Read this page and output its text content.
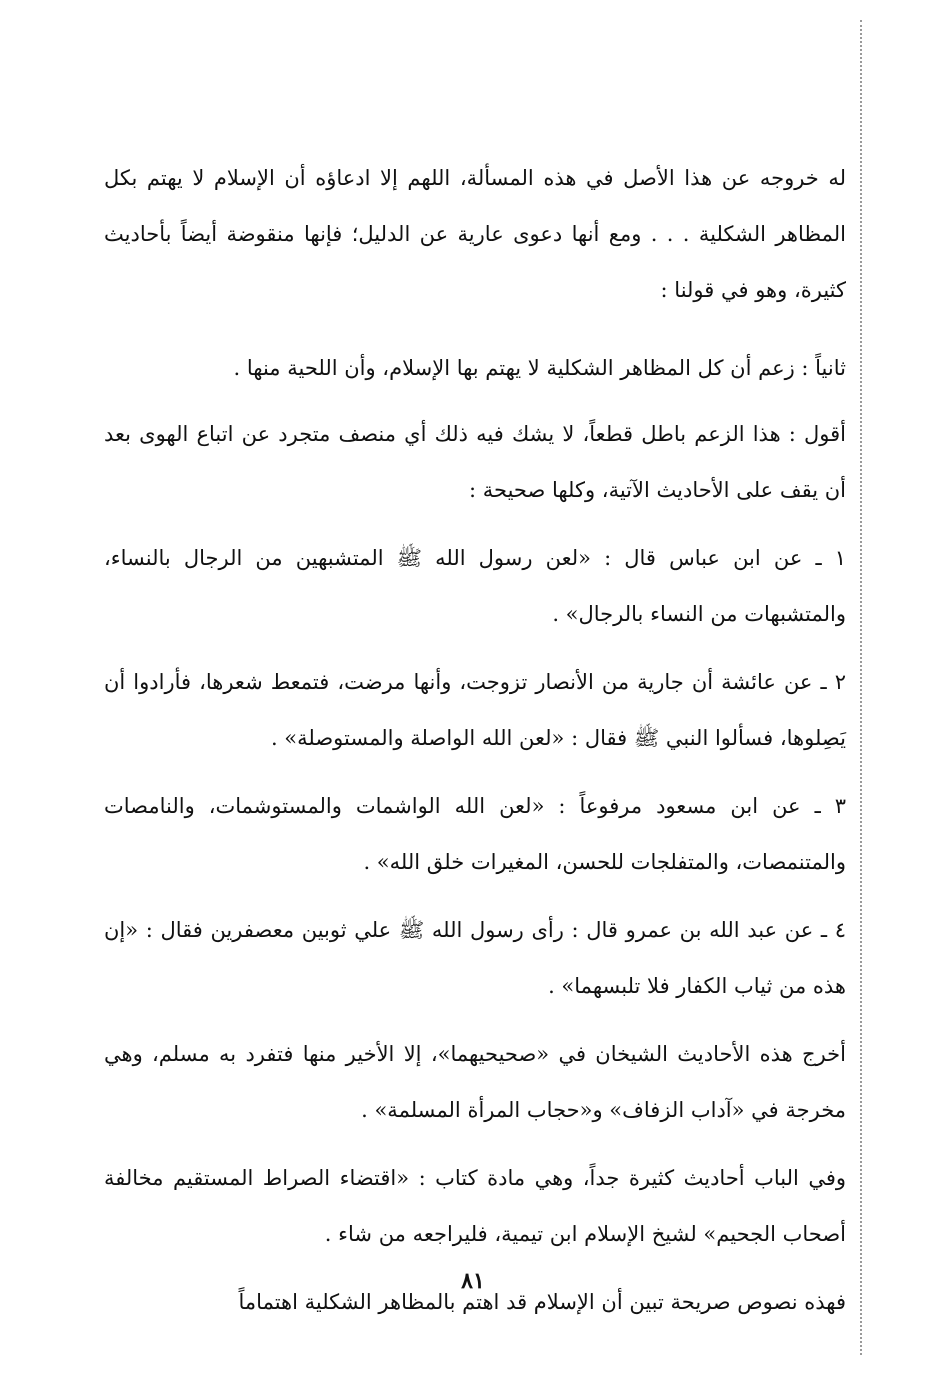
له خروجه عن هذا الأصل في هذه المسألة، اللهم إلا ادعاؤه أن الإسلام لا يهتم بكل المظاهر الشكلية . . . ومع أنها دعوى عارية عن الدليل؛ فإنها منقوضة أيضاً بأحاديث كثيرة، وهو في قولنا :

ثانياً : زعم أن كل المظاهر الشكلية لا يهتم بها الإسلام، وأن اللحية منها .

أقول : هذا الزعم باطل قطعاً، لا يشك فيه ذلك أي منصف متجرد عن اتباع الهوى بعد أن يقف على الأحاديث الآتية، وكلها صحيحة :

١ ـ عن ابن عباس قال : «لعن رسول الله ﷺ المتشبهين من الرجال بالنساء، والمتشبهات من النساء بالرجال» .

٢ ـ عن عائشة أن جارية من الأنصار تزوجت، وأنها مرضت، فتمعط شعرها، فأرادوا أن يَصِلوها، فسألوا النبي ﷺ فقال : «لعن الله الواصلة والمستوصلة» .

٣ ـ عن ابن مسعود مرفوعاً : «لعن الله الواشمات والمستوشمات، والنامصات والمتنمصات، والمتفلجات للحسن، المغيرات خلق الله» .

٤ ـ عن عبد الله بن عمرو قال : رأى رسول الله ﷺ علي ثوبين معصفرين فقال : «إن هذه من ثياب الكفار فلا تلبسهما» .

أخرج هذه الأحاديث الشيخان في «صحيحيهما»، إلا الأخير منها فتفرد به مسلم، وهي مخرجة في «آداب الزفاف» و«حجاب المرأة المسلمة» .

وفي الباب أحاديث كثيرة جداً، وهي مادة كتاب : «اقتضاء الصراط المستقيم مخالفة أصحاب الجحيم» لشيخ الإسلام ابن تيمية، فليراجعه من شاء .

فهذه نصوص صريحة تبين أن الإسلام قد اهتم بالمظاهر الشكلية اهتماماً

٨١
